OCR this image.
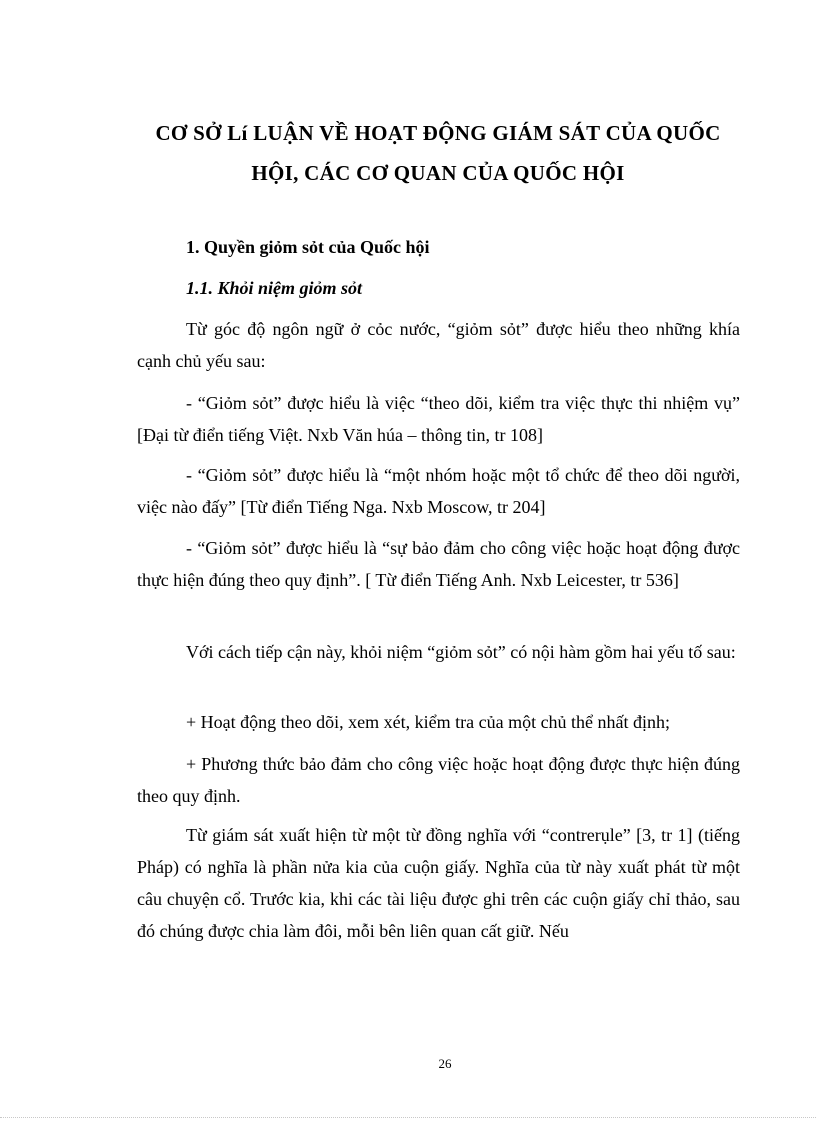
CƠ SỞ Lí LUẬN VỀ HOẠT ĐỘNG GIÁM SÁT CỦA QUỐC
HỘI, CÁC CƠ QUAN CỦA QUỐC HỘI
1. Quyền giỏm sỏt của Quốc hội
1.1. Khỏi niệm giỏm sỏt
Từ góc độ ngôn ngữ ở cỏc nước, “giỏm sỏt” được hiểu theo những khía cạnh chủ yếu sau:
- “Giỏm sỏt” được hiểu là việc “theo dõi, kiểm tra việc thực thi nhiệm vụ” [Đại từ điển tiếng Việt. Nxb Văn húa – thông tin, tr 108]
- “Giỏm sỏt” được hiểu là “một nhóm hoặc một tổ chức để theo dõi người, việc nào đấy” [Từ điển Tiếng Nga. Nxb Moscow, tr 204]
- “Giỏm sỏt” được hiểu là “sự bảo đảm cho công việc hoặc hoạt động được thực hiện đúng theo quy định”. [ Từ điển Tiếng Anh. Nxb Leicester, tr 536]
Với cách tiếp cận này, khỏi niệm “giỏm sỏt” có nội hàm gồm hai yếu tố sau:
+ Hoạt động theo dõi, xem xét, kiểm tra của một chủ thể nhất định;
+ Phương thức bảo đảm cho công việc hoặc hoạt động được thực hiện đúng theo quy định.
Từ giám sát xuất hiện từ một từ đồng nghĩa với “contrerụle” [3, tr 1] (tiếng Pháp) có nghĩa là phần nửa kia của cuộn giấy. Nghĩa của từ này xuất phát từ một câu chuyện cổ. Trước kia, khi các tài liệu được ghi trên các cuộn giấy chỉ thảo, sau đó chúng được chia làm đôi, mỗi bên liên quan cất giữ. Nếu
26
